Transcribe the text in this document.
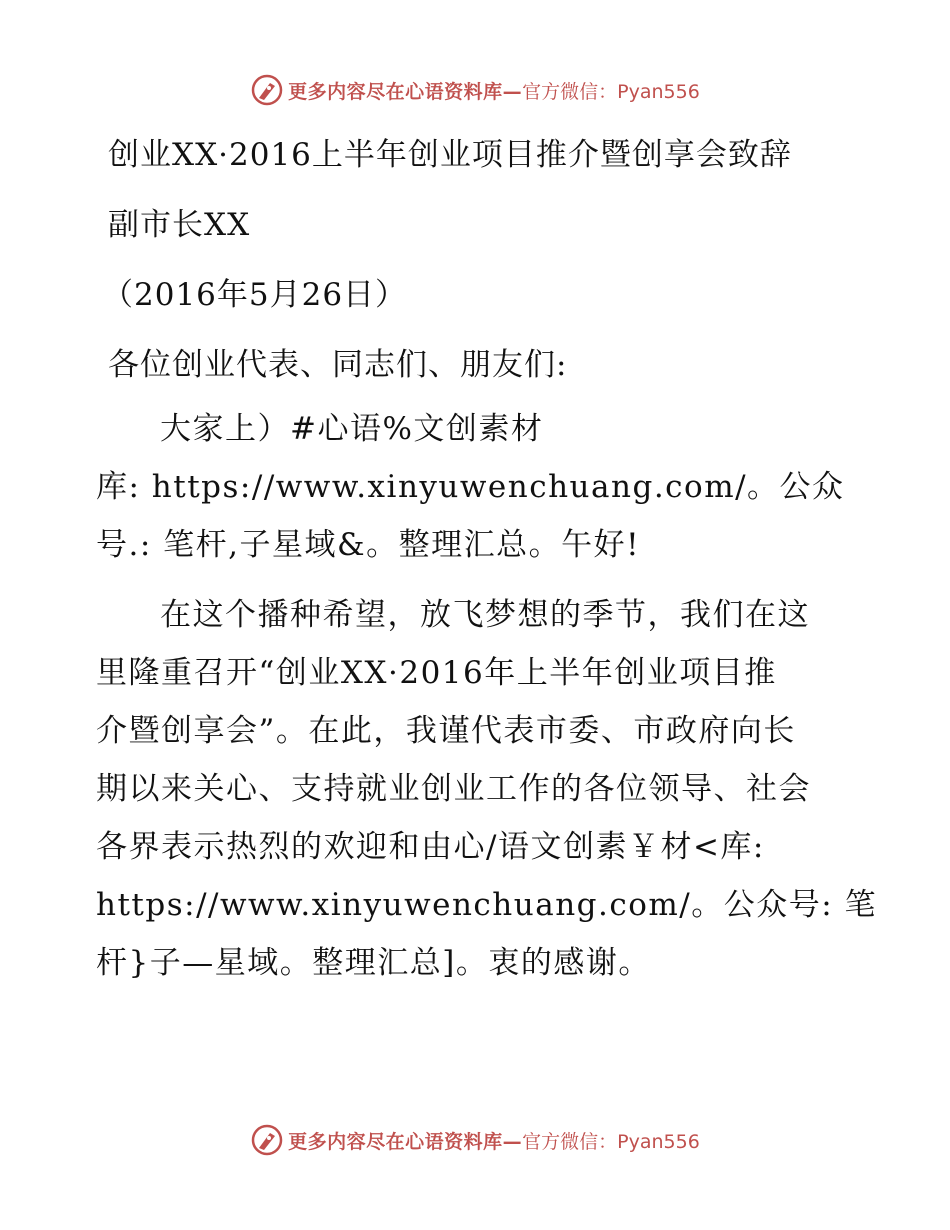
更多内容尽在心语资料库— 官方微信：Pyan556
创业XX·2016上半年创业项目推介暨创享会致辞
副市长XX
（2016年5月26日）
各位创业代表、同志们、朋友们:
大家上）#心语%文创素材
库: https://www.xinyuwenchuang.com/。公众
号.: 笔杆,子星域&。整理汇总。午好!
在这个播种希望，放飞梦想的季节，我们在这
里隆重召开“创业XX·2016年上半年创业项目推
介暨创享会”。在此，我谨代表市委、市政府向长
期以来关心、支持就业创业工作的各位领导、社会
各界表示热烈的欢迎和由心/语文创素￥材<库:
https://www.xinyuwenchuang.com/。公众号: 笔
杆}子—星域。整理汇总]。衷的感谢。
更多内容尽在心语资料库— 官方微信：Pyan556
